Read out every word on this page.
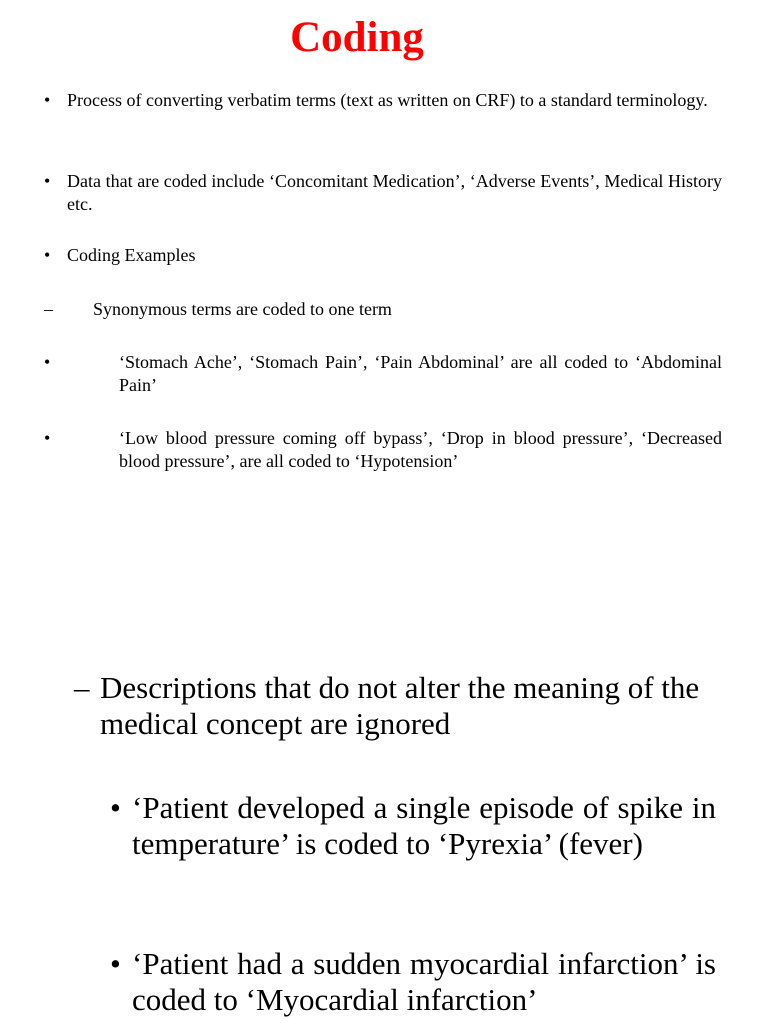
Coding
• Process of converting verbatim terms (text as written on CRF) to a standard terminology.
• Data that are coded include ‘Concomitant Medication’, ‘Adverse Events’, Medical History etc.
• Coding Examples
– Synonymous terms are coded to one term
•	‘Stomach Ache’, ‘Stomach Pain’, ‘Pain Abdominal’ are all coded to ‘Abdominal Pain’
•	‘Low blood pressure coming off bypass’, ‘Drop in blood pressure’, ‘Decreased blood pressure’, are all coded to ‘Hypotension’
– Descriptions that do not alter the meaning of the medical concept are ignored
• ‘Patient developed a single episode of spike in temperature’ is coded to ‘Pyrexia’ (fever)
• ‘Patient had a sudden myocardial infarction’ is coded to ‘Myocardial infarction’
